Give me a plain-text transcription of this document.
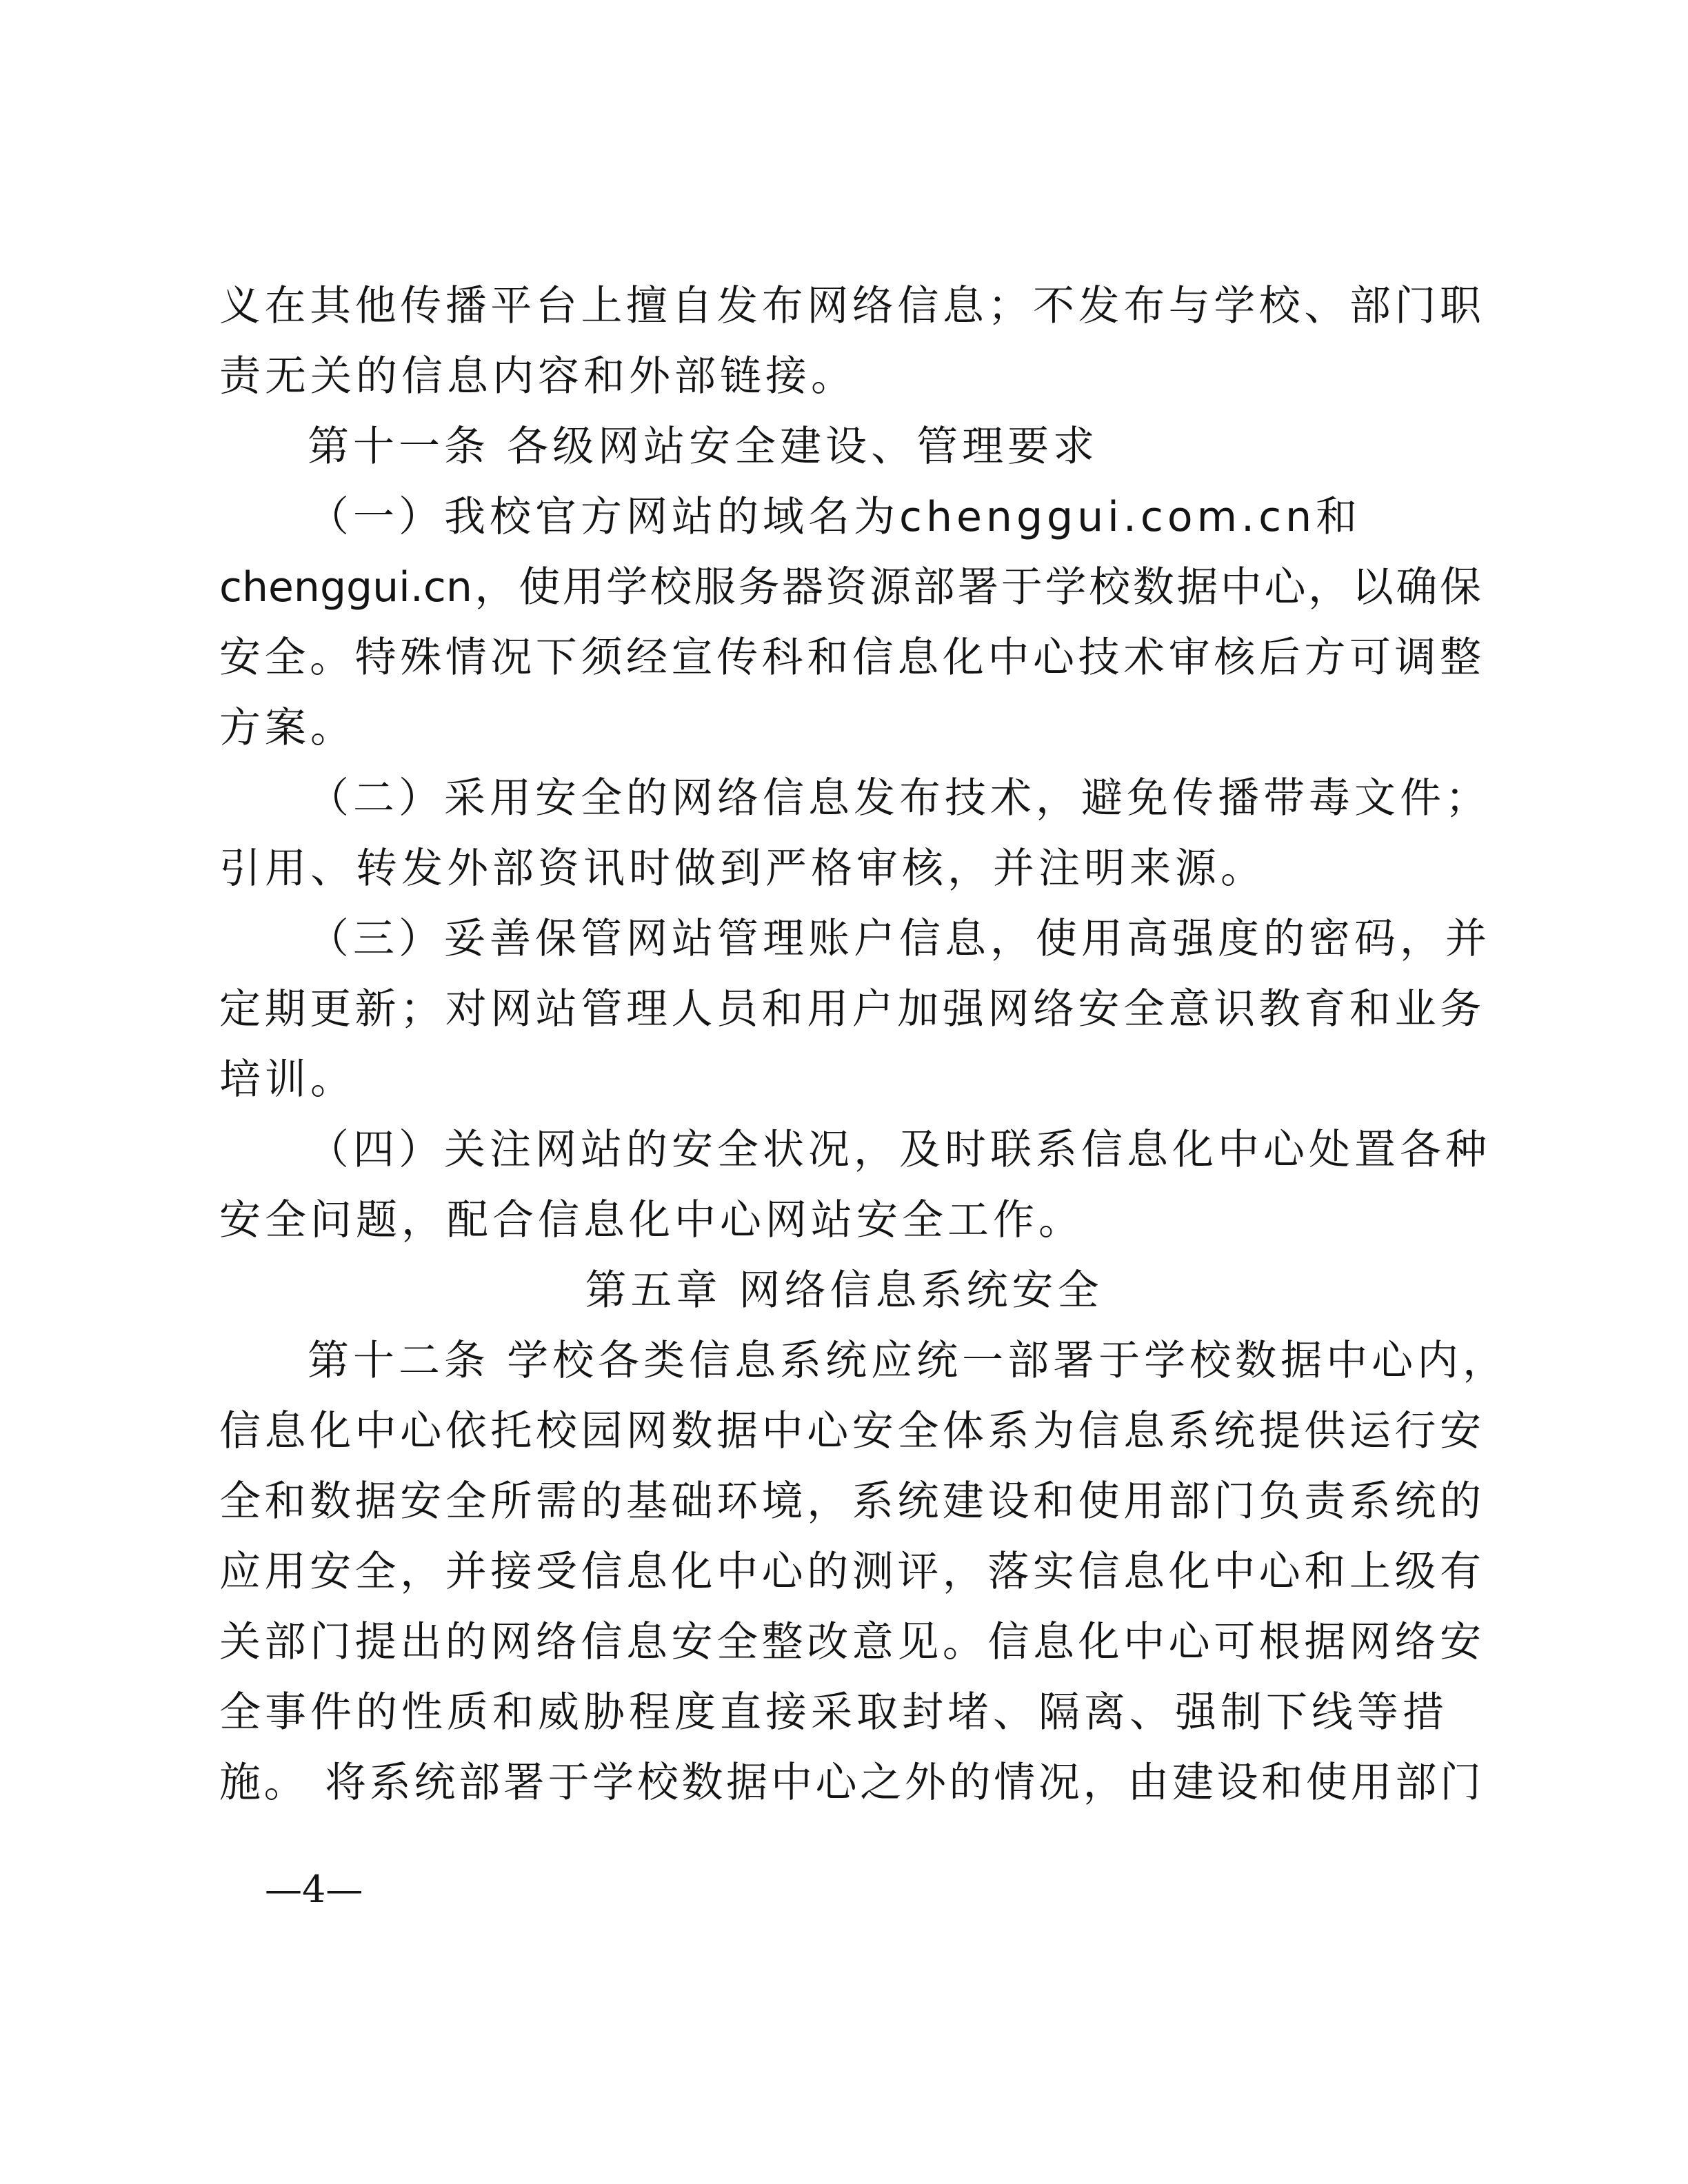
义在其他传播平台上擅自发布网络信息；不发布与学校、部门职
责无关的信息内容和外部链接。
第十一条 各级网站安全建设、管理要求
（一）我校官方网站的域名为chenggui.com.cn和
chenggui.cn，使用学校服务器资源部署于学校数据中心，以确保
安全。特殊情况下须经宣传科和信息化中心技术审核后方可调整
方案。
（二）采用安全的网络信息发布技术，避免传播带毒文件；
引用、转发外部资讯时做到严格审核，并注明来源。
（三）妥善保管网站管理账户信息，使用高强度的密码，并
定期更新；对网站管理人员和用户加强网络安全意识教育和业务
培训。
（四）关注网站的安全状况，及时联系信息化中心处置各种
安全问题，配合信息化中心网站安全工作。
第五章 网络信息系统安全
第十二条 学校各类信息系统应统一部署于学校数据中心内，
信息化中心依托校园网数据中心安全体系为信息系统提供运行安
全和数据安全所需的基础环境，系统建设和使用部门负责系统的
应用安全，并接受信息化中心的测评，落实信息化中心和上级有
关部门提出的网络信息安全整改意见。信息化中心可根据网络安
全事件的性质和威胁程度直接采取封堵、隔离、强制下线等措
施。 将系统部署于学校数据中心之外的情况，由建设和使用部门
—4—
